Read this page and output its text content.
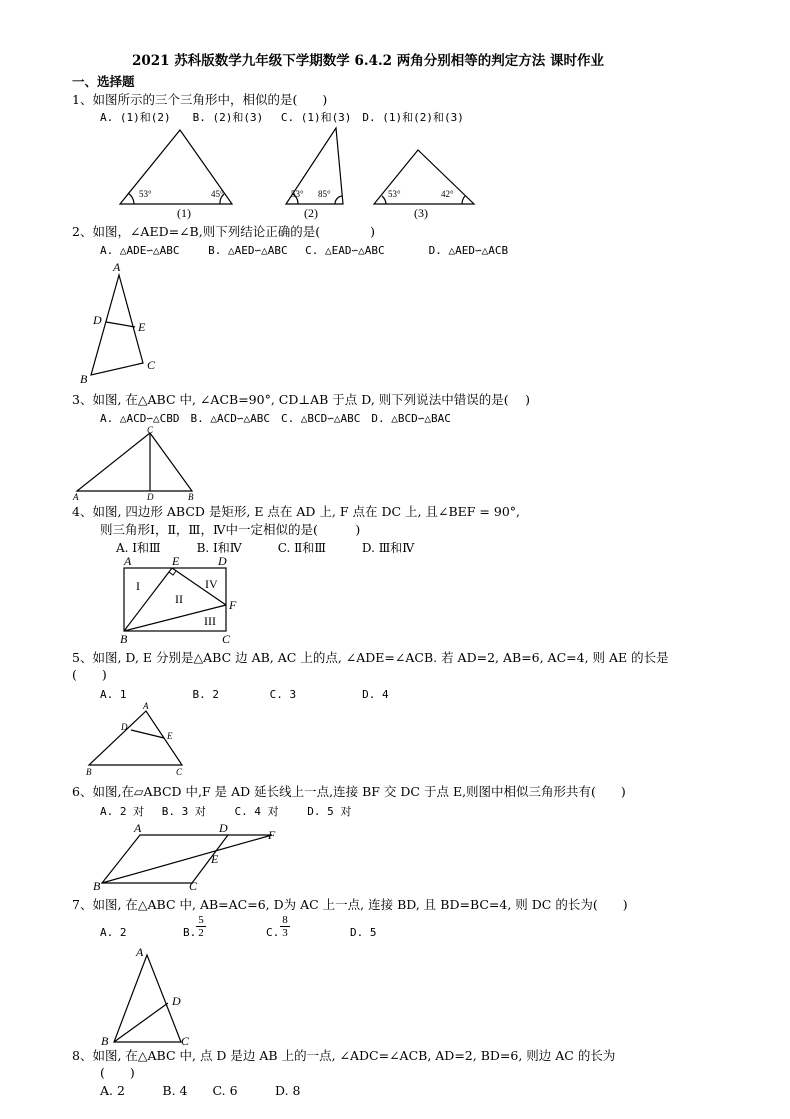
2021 苏科版数学九年级下学期数学 6.4.2 两角分别相等的判定方法 课时作业
一、选择题
1、如图所示的三个三角形中，相似的是(　　)
A. (1)和(2)　　B. (2)和(3)　 C. (1)和(3)　D. (1)和(2)和(3)
53°	45°
(1)
53° 85°
(2)
53°	42°
(3)
2、如图，∠AED=∠B,则下列结论正确的是(　　　　)
A. △ADE∽△ABC　　 B. △AED∽△ABC　 C. △EAD∽△ABC　　　　D. △AED∽△ACB
A
D	E
B
C
3、如图, 在△ABC 中, ∠ACB=90°, CD⊥AB 于点 D, 则下列说法中错误的是(　 )
A. △ACD∽△CBD　B. △ACD∽△ABC　C. △BCD∽△ABC　D. △BCD∽△BAC
C
A	D	B
4、如图, 四边形 ABCD 是矩形, E 点在 AD 上, F 点在 DC 上, 且∠BEF = 90°,
则三角形Ⅰ，Ⅱ，Ⅲ，Ⅳ中一定相似的是(　　　)
A. Ⅰ和Ⅲ　　　B. Ⅰ和Ⅳ　　　C. Ⅱ和Ⅲ　　　D. Ⅲ和Ⅳ
A	E	D
F
B	C
I
II
III
IV
5、如图, D, E 分别是△ABC 边 AB, AC 上的点, ∠ADE=∠ACB. 若 AD=2, AB=6, AC=4, 则 AE 的长是
(　　)
A. 1　　　　　　B. 2　　　　 C. 3　　　　　　D. 4
A
D
E
B	C
6、如图,在▱ABCD 中,F 是 AD 延长线上一点,连接 BF 交 DC 于点 E,则图中相似三角形共有(　　)
A. 2 对　 B. 3 对　　 C. 4 对　　 D. 5 对
A	D	F
E
B	C
7、如图, 在△ABC 中, AB=AC=6, D为 AC 上一点, 连接 BD, 且 BD=BC=4, 则 DC 的长为(　　)
A. 2	B. $\frac{5}{2}$	C. $\frac{8}{3}$	D. 5
A
D
B	C
8、如图, 在△ABC 中, 点 D 是边 AB 上的一点, ∠ADC=∠ACB, AD=2, BD=6, 则边 AC 的长为
(　　)
A. 2　　　B. 4　　C. 6　　　D. 8
